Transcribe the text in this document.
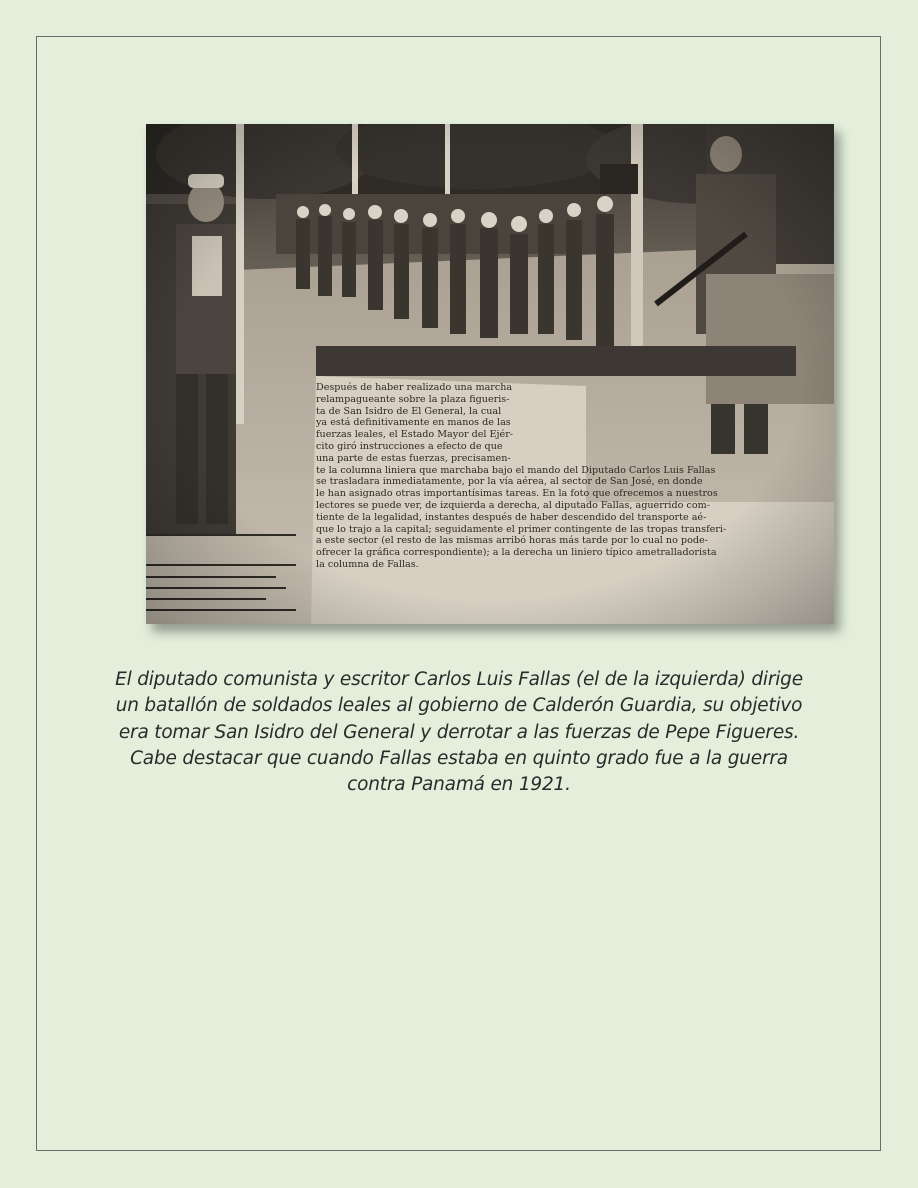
Después de haber realizado una marcha
relampagueante sobre la plaza figueris-
ta de San Isidro de El General, la cual
ya está definitivamente en manos de las
fuerzas leales, el Estado Mayor del Ejér-
cito giró instrucciones a efecto de que
una parte de estas fuerzas, precisamen-
te la columna liniera que marchaba bajo el mando del Diputado Carlos Luis Fallas
se trasladara inmediatamente, por la vía aérea, al sector de San José, en donde
le han asignado otras importantísimas tareas. En la foto que ofrecemos a nuestros
lectores se puede ver, de izquierda a derecha, al diputado Fallas, aguerrido com-
tiente de la legalidad, instantes después de haber descendido del transporte aé-
que lo trajo a la capital; seguidamente el primer contingente de las tropas transferi-
a este sector (el resto de las mismas arribó horas más tarde por lo cual no pode-
ofrecer la gráfica correspondiente); a la derecha un liniero típico ametralladorista
la columna de Fallas.

El diputado comunista y escritor Carlos Luis Fallas (el de la izquierda) dirige un batallón de soldados leales al gobierno de Calderón Guardia, su objetivo era tomar San Isidro del General y derrotar a las fuerzas de Pepe Figueres.

Cabe destacar que cuando Fallas estaba en quinto grado fue a la guerra contra Panamá en 1921.
